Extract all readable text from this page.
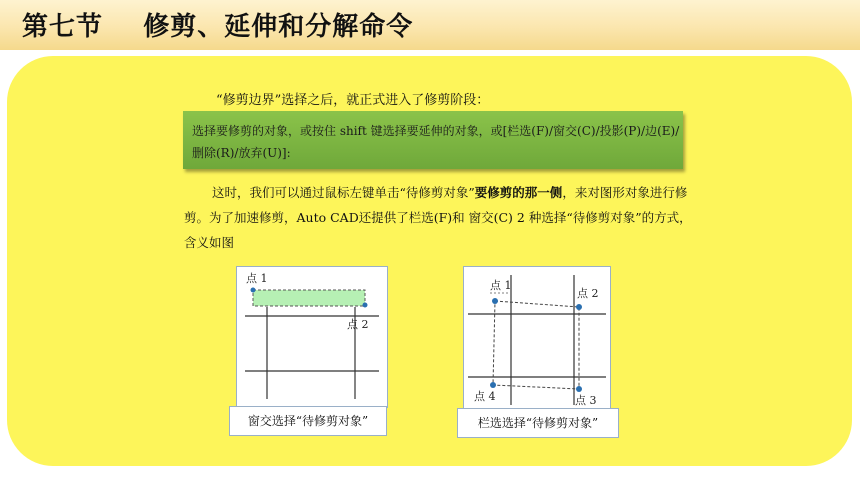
第七节    修剪、延伸和分解命令
“修剪边界”选择之后，就正式进入了修剪阶段：

选择要修剪的对象，或按住 shift 键选择要延伸的对象，或[栏选(F)/窗交(C)/投影(P)/边(E)/删除(R)/放弃(U)]:

这时，我们可以通过鼠标左键单击“待修剪对象”要修剪的那一侧，来对图形对象进行修剪。为了加速修剪，Auto CAD还提供了栏选(F)和 窗交(C) 2 种选择“待修剪对象”的方式，含义如图
点 1
点 2
窗交选择“待修剪对象”
点 1
点 2
点 3
点 4
栏选选择“待修剪对象”
